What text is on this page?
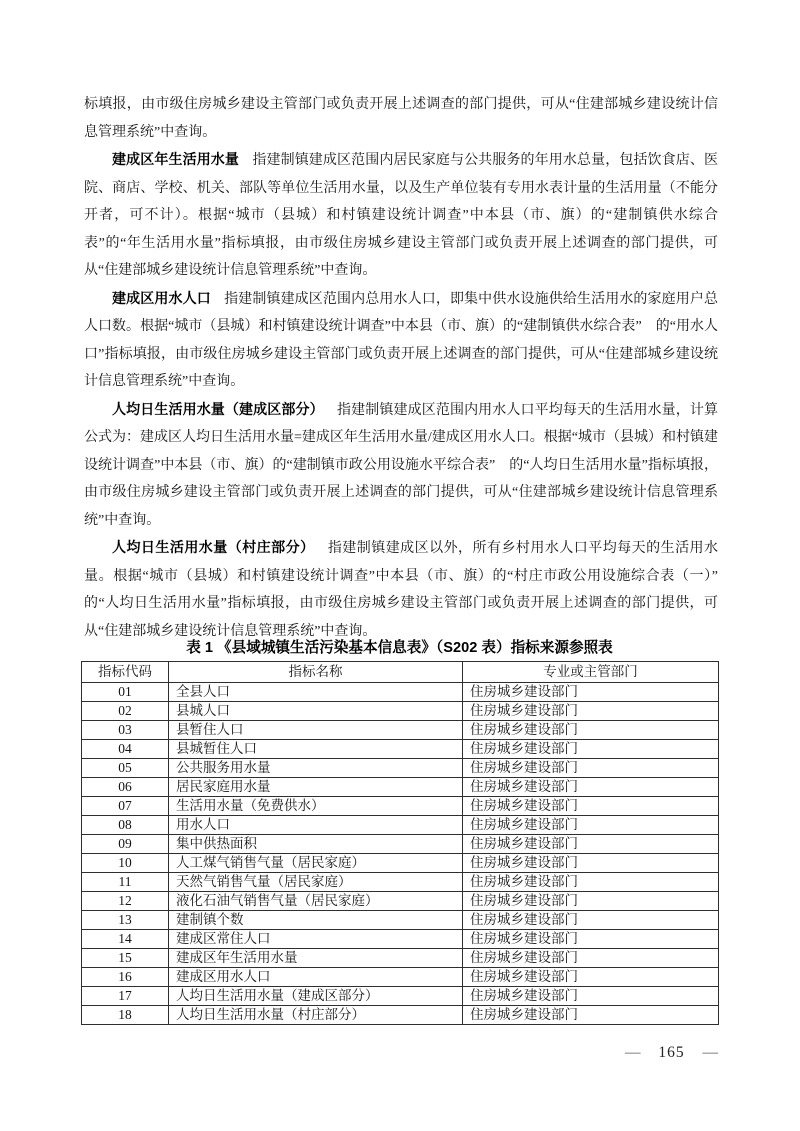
标填报，由市级住房城乡建设主管部门或负责开展上述调查的部门提供，可从“住建部城乡建设统计信息管理系统”中查询。

建成区年生活用水量 指建制镇建成区范围内居民家庭与公共服务的年用水总量，包括饮食店、医院、商店、学校、机关、部队等单位生活用水量，以及生产单位装有专用水表计量的生活用量（不能分开者，可不计）。根据“城市（县城）和村镇建设统计调查”中本县（市、旗）的“建制镇供水综合表”的“年生活用水量”指标填报，由市级住房城乡建设主管部门或负责开展上述调查的部门提供，可从“住建部城乡建设统计信息管理系统”中查询。

建成区用水人口 指建制镇建成区范围内总用水人口，即集中供水设施供给生活用水的家庭用户总人口数。根据“城市（县城）和村镇建设统计调查”中本县（市、旗）的“建制镇供水综合表”　的“用水人口”指标填报，由市级住房城乡建设主管部门或负责开展上述调查的部门提供，可从“住建部城乡建设统计信息管理系统”中查询。

人均日生活用水量（建成区部分） 指建制镇建成区范围内用水人口平均每天的生活用水量，计算公式为：建成区人均日生活用水量=建成区年生活用水量/建成区用水人口。根据“城市（县城）和村镇建设统计调查”中本县（市、旗）的“建制镇市政公用设施水平综合表”　的“人均日生活用水量”指标填报，由市级住房城乡建设主管部门或负责开展上述调查的部门提供，可从“住建部城乡建设统计信息管理系统”中查询。

人均日生活用水量（村庄部分） 指建制镇建成区以外，所有乡村用水人口平均每天的生活用水量。根据“城市（县城）和村镇建设统计调查”中本县（市、旗）的“村庄市政公用设施综合表（一）”　的“人均日生活用水量”指标填报，由市级住房城乡建设主管部门或负责开展上述调查的部门提供，可从“住建部城乡建设统计信息管理系统”中查询。

表 1 《县域城镇生活污染基本信息表》（S202 表）指标来源参照表
指标代码	指标名称	专业或主管部门
01	全县人口	住房城乡建设部门
02	县城人口	住房城乡建设部门
03	县暂住人口	住房城乡建设部门
04	县城暂住人口	住房城乡建设部门
05	公共服务用水量	住房城乡建设部门
06	居民家庭用水量	住房城乡建设部门
07	生活用水量（免费供水）	住房城乡建设部门
08	用水人口	住房城乡建设部门
09	集中供热面积	住房城乡建设部门
10	人工煤气销售气量（居民家庭）	住房城乡建设部门
11	天然气销售气量（居民家庭）	住房城乡建设部门
12	液化石油气销售气量（居民家庭）	住房城乡建设部门
13	建制镇个数	住房城乡建设部门
14	建成区常住人口	住房城乡建设部门
15	建成区年生活用水量	住房城乡建设部门
16	建成区用水人口	住房城乡建设部门
17	人均日生活用水量（建成区部分）	住房城乡建设部门
18	人均日生活用水量（村庄部分）	住房城乡建设部门
— 165 —
